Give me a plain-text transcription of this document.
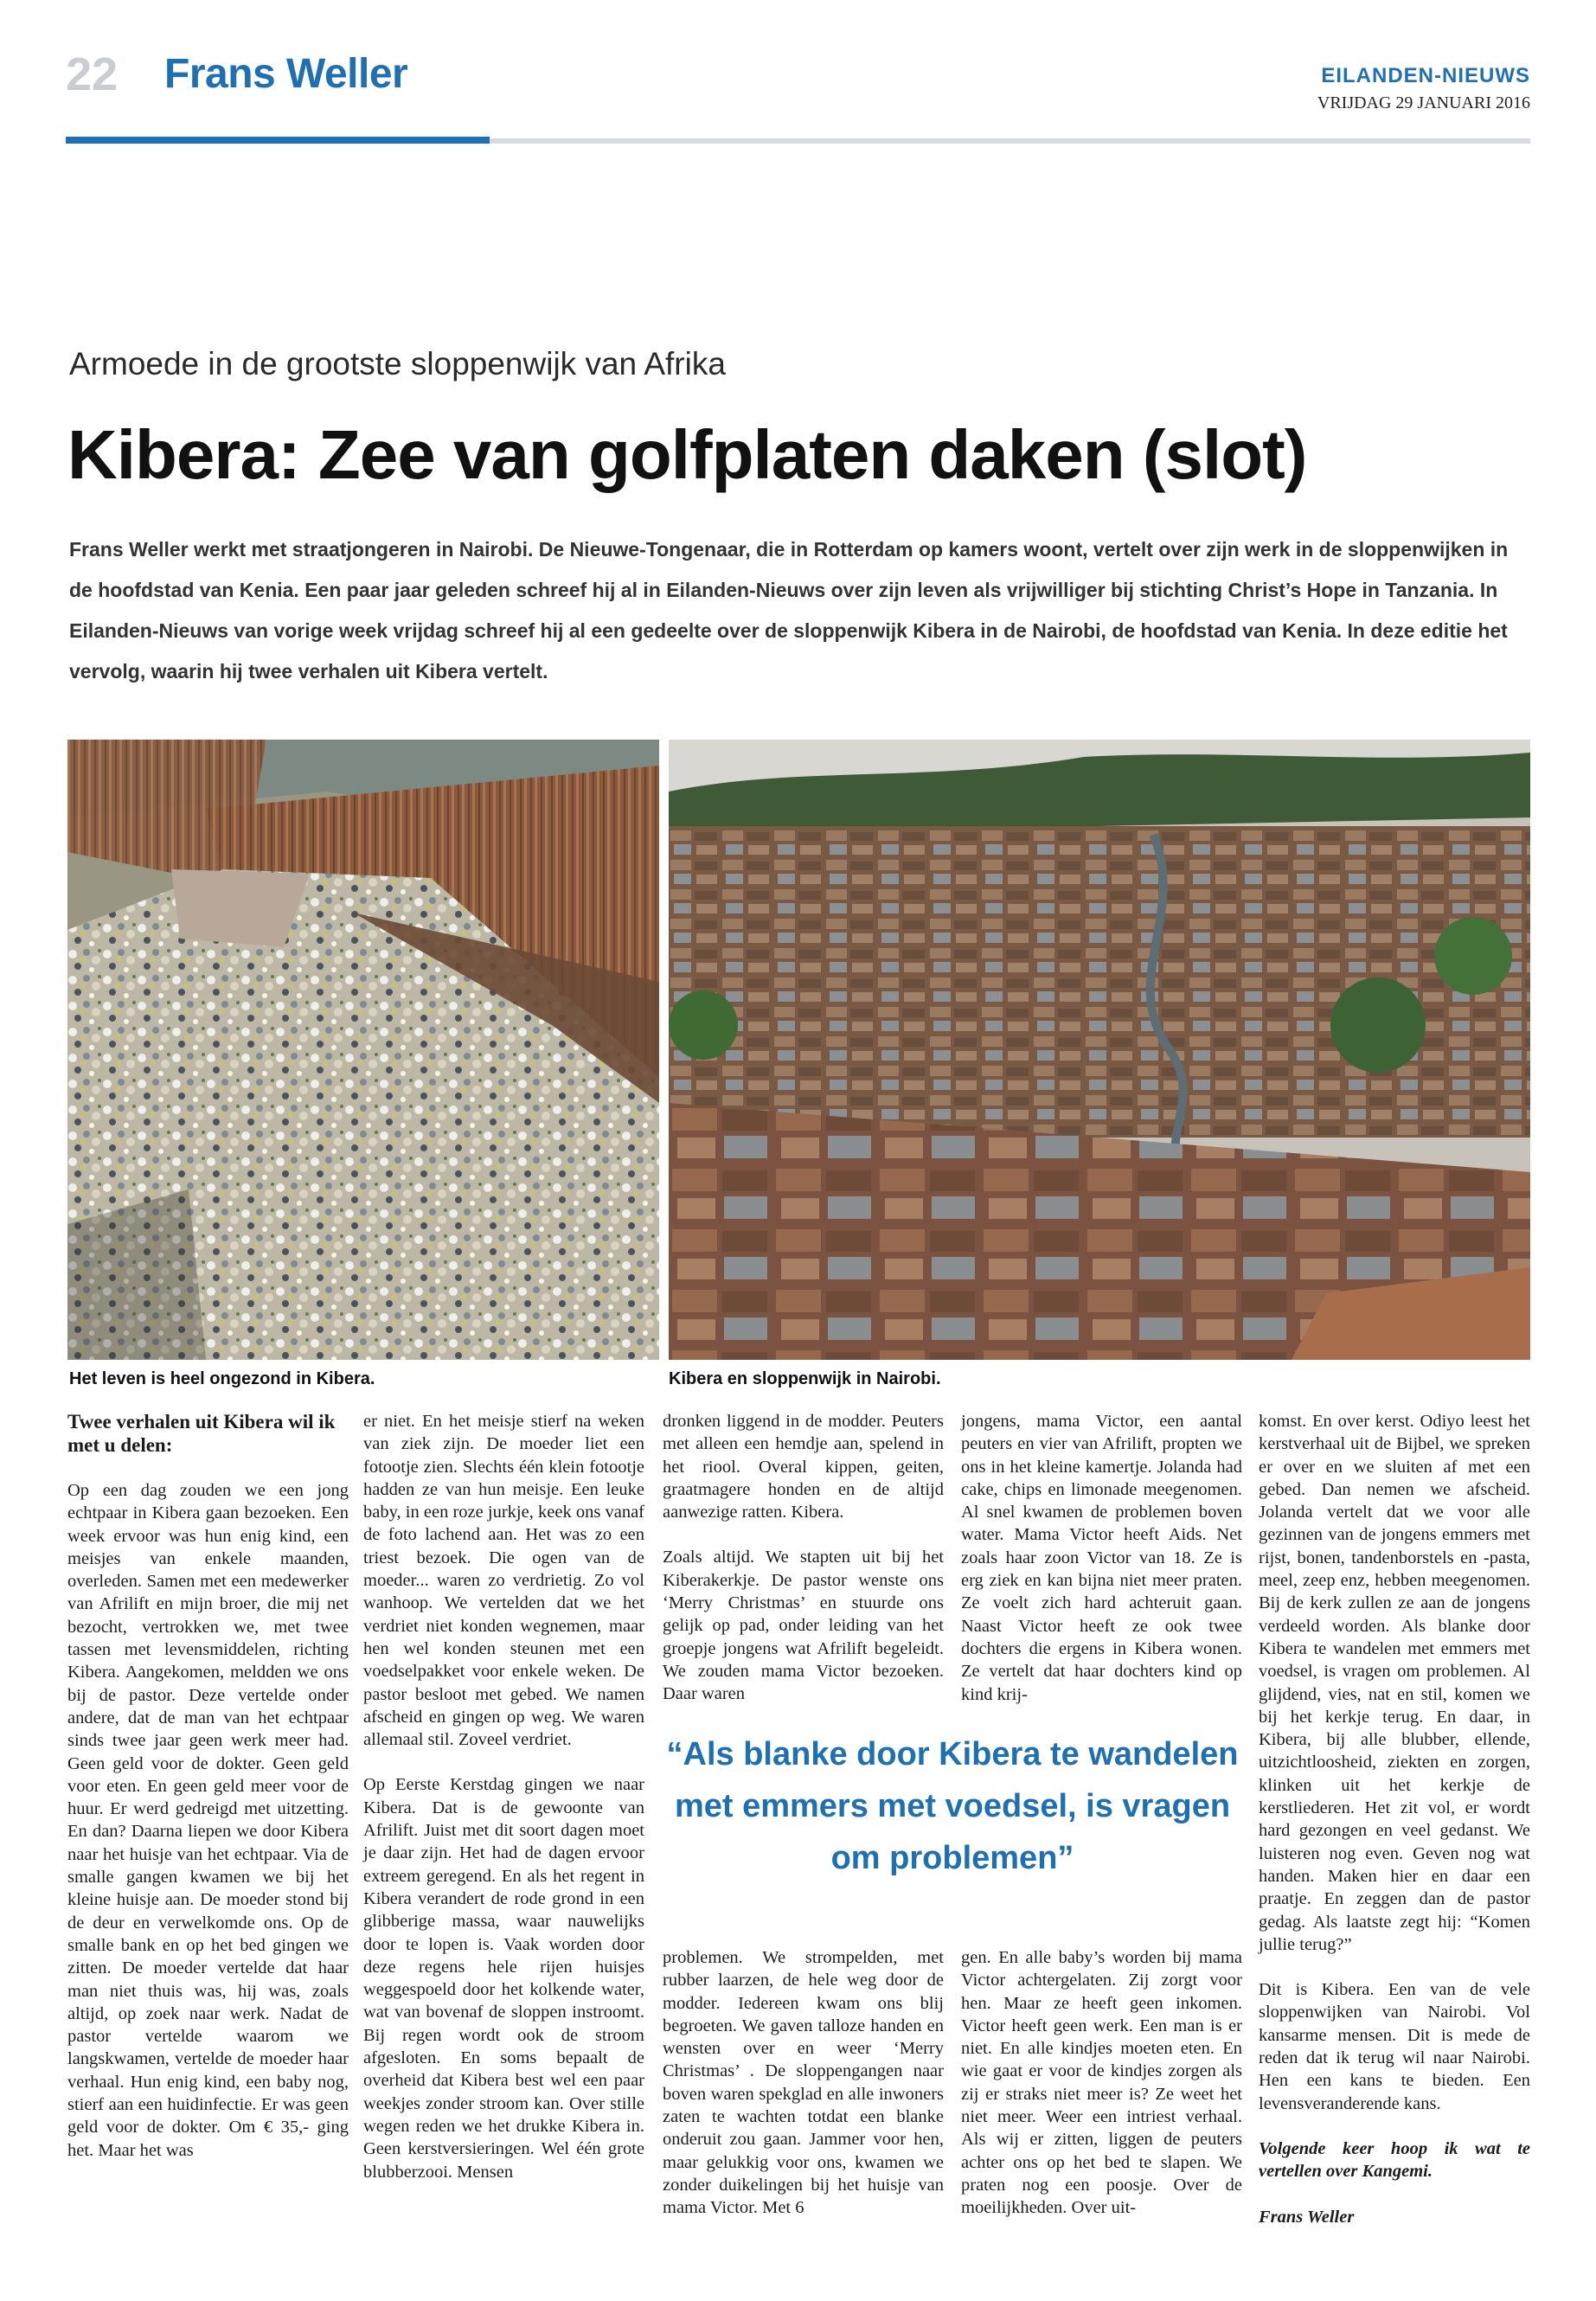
22 Frans Weller	EILANDEN-NIEUWS
VRIJDAG 29 JANUARI 2016
Armoede in de grootste sloppenwijk van Afrika
Kibera: Zee van golfplaten daken (slot)
Frans Weller werkt met straatjongeren in Nairobi. De Nieuwe-Tongenaar, die in Rotterdam op kamers woont, vertelt over zijn werk in de sloppenwijken in de hoofdstad van Kenia. Een paar jaar geleden schreef hij al in Eilanden-Nieuws over zijn leven als vrijwilliger bij stichting Christ’s Hope in Tanzania. In Eilanden-Nieuws van vorige week vrijdag schreef hij al een gedeelte over de sloppenwijk Kibera in de Nairobi, de hoofdstad van Kenia. In deze editie het vervolg, waarin hij twee verhalen uit Kibera vertelt.
Het leven is heel ongezond in Kibera.	Kibera en sloppenwijk in Nairobi.

Twee verhalen uit Kibera wil ik met u delen:

Op een dag zouden we een jong echtpaar in Kibera gaan bezoeken. Een week ervoor was hun enig kind, een meisjes van enkele maanden, overleden. Samen met een medewerker van Afrilift en mijn broer, die mij net bezocht, vertrokken we, met twee tassen met levensmiddelen, richting Kibera. Aangekomen, meldden we ons bij de pastor. Deze vertelde onder andere, dat de man van het echtpaar sinds twee jaar geen werk meer had. Geen geld voor de dokter. Geen geld voor eten. En geen geld meer voor de huur. Er werd gedreigd met uitzetting. En dan? Daarna liepen we door Kibera naar het huisje van het echtpaar. Via de smalle gangen kwamen we bij het kleine huisje aan. De moeder stond bij de deur en verwelkomde ons. Op de smalle bank en op het bed gingen we zitten. De moeder vertelde dat haar man niet thuis was, hij was, zoals altijd, op zoek naar werk. Nadat de pastor vertelde waarom we langskwamen, vertelde de moeder haar verhaal. Hun enig kind, een baby nog, stierf aan een huidinfectie. Er was geen geld voor de dokter. Om € 35,- ging het. Maar het was

er niet. En het meisje stierf na weken van ziek zijn. De moeder liet een fotootje zien. Slechts één klein fotootje hadden ze van hun meisje. Een leuke baby, in een roze jurkje, keek ons vanaf de foto lachend aan. Het was zo een triest bezoek. Die ogen van de moeder... waren zo verdrietig. Zo vol wanhoop. We vertelden dat we het verdriet niet konden wegnemen, maar hen wel konden steunen met een voedselpakket voor enkele weken. De pastor besloot met gebed. We namen afscheid en gingen op weg. We waren allemaal stil. Zoveel verdriet.

Op Eerste Kerstdag gingen we naar Kibera. Dat is de gewoonte van Afrilift. Juist met dit soort dagen moet je daar zijn. Het had de dagen ervoor extreem geregend. En als het regent in Kibera verandert de rode grond in een glibberige massa, waar nauwelijks door te lopen is. Vaak worden door deze regens hele rijen huisjes weggespoeld door het kolkende water, wat van bovenaf de sloppen instroomt. Bij regen wordt ook de stroom afgesloten. En soms bepaalt de overheid dat Kibera best wel een paar weekjes zonder stroom kan. Over stille wegen reden we het drukke Kibera in. Geen kerstversieringen. Wel één grote blubberzooi. Mensen

dronken liggend in de modder. Peuters met alleen een hemdje aan, spelend in het riool. Overal kippen, geiten, graatmagere honden en de altijd aanwezige ratten. Kibera.

Zoals altijd. We stapten uit bij het Kiberakerkje. De pastor wenste ons ‘Merry Christmas’ en stuurde ons gelijk op pad, onder leiding van het groepje jongens wat Afrilift begeleidt. We zouden mama Victor bezoeken. Daar waren

jongens, mama Victor, een aantal peuters en vier van Afrilift, propten we ons in het kleine kamertje. Jolanda had cake, chips en limonade meegenomen. Al snel kwamen de problemen boven water. Mama Victor heeft Aids. Net zoals haar zoon Victor van 18. Ze is erg ziek en kan bijna niet meer praten. Ze voelt zich hard achteruit gaan. Naast Victor heeft ze ook twee dochters die ergens in Kibera wonen. Ze vertelt dat haar dochters kind op kind krij-

“Als blanke door Kibera te wandelen met emmers met voedsel, is vragen om problemen”

problemen. We strompelden, met rubber laarzen, de hele weg door de modder. Iedereen kwam ons blij begroeten. We gaven talloze handen en wensten over en weer ‘Merry Christmas’ . De sloppengangen naar boven waren spekglad en alle inwoners zaten te wachten totdat een blanke onderuit zou gaan. Jammer voor hen, maar gelukkig voor ons, kwamen we zonder duikelingen bij het huisje van mama Victor. Met 6

gen. En alle baby’s worden bij mama Victor achtergelaten. Zij zorgt voor hen. Maar ze heeft geen inkomen. Victor heeft geen werk. Een man is er niet. En alle kindjes moeten eten. En wie gaat er voor de kindjes zorgen als zij er straks niet meer is? Ze weet het niet meer. Weer een intriest verhaal. Als wij er zitten, liggen de peuters achter ons op het bed te slapen. We praten nog een poosje. Over de moeilijkheden. Over uit-

komst. En over kerst. Odiyo leest het kerstverhaal uit de Bijbel, we spreken er over en we sluiten af met een gebed. Dan nemen we afscheid. Jolanda vertelt dat we voor alle gezinnen van de jongens emmers met rijst, bonen, tandenborstels en -pasta, meel, zeep enz, hebben meegenomen. Bij de kerk zullen ze aan de jongens verdeeld worden. Als blanke door Kibera te wandelen met emmers met voedsel, is vragen om problemen. Al glijdend, vies, nat en stil, komen we bij het kerkje terug. En daar, in Kibera, bij alle blubber, ellende, uitzichtloosheid, ziekten en zorgen, klinken uit het kerkje de kerstliederen. Het zit vol, er wordt hard gezongen en veel gedanst. We luisteren nog even. Geven nog wat handen. Maken hier en daar een praatje. En zeggen dan de pastor gedag. Als laatste zegt hij: “Komen jullie terug?”

Dit is Kibera. Een van de vele sloppenwijken van Nairobi. Vol kansarme mensen. Dit is mede de reden dat ik terug wil naar Nairobi. Hen een kans te bieden. Een levensveranderende kans.

Volgende keer hoop ik wat te vertellen over Kangemi.

Frans Weller
